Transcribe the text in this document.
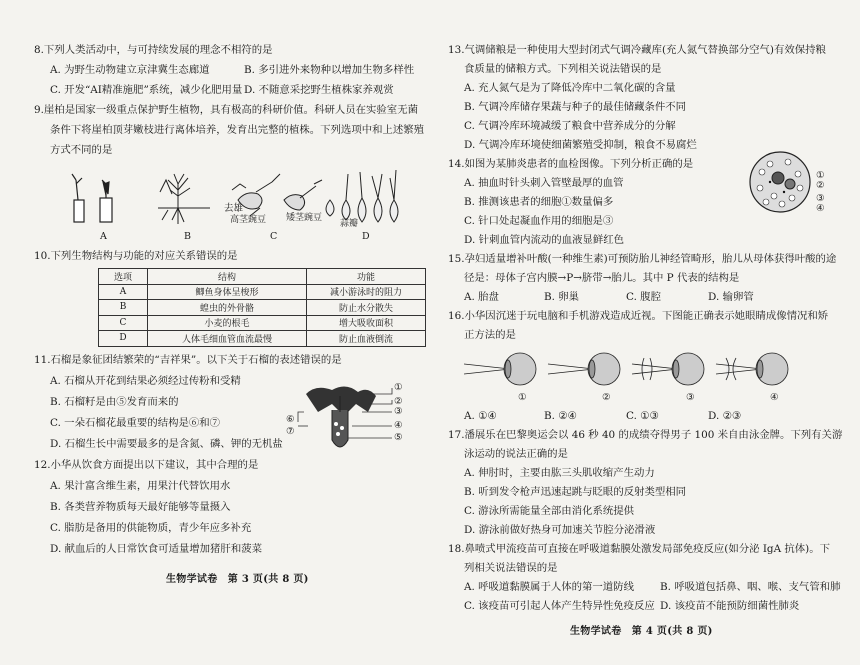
8.下列人类活动中，与可持续发展的理念不相符的是
A. 为野生动物建立京津冀生态廊道	B. 多引进外来物种以增加生物多样性
C. 开发“AI精准施肥”系统，减少化肥用量 D. 不随意采挖野生植株家养观赏
9.崖柏是国家一级重点保护野生植物，具有极高的科研价值。科研人员在实验室无菌
条件下将崖柏顶芽嫩枝进行离体培养，发育出完整的植株。下列选项中和上述繁殖
方式不同的是
去雄
高茎豌豆 矮茎豌豆
蒜瓣
A	B	C	D
10.下列生物结构与功能的对应关系错误的是
选项	结构	功能
A	鲫鱼身体呈梭形	减小游泳时的阻力
B	蝗虫的外骨骼	防止水分散失
C	小麦的根毛	增大吸收面积
D	人体毛细血管血流最慢	防止血液倒流
11.石榴是象征团结繁荣的“吉祥果”。以下关于石榴的表述错误的是
A. 石榴从开花到结果必须经过传粉和受精
B. 石榴籽是由⑤发育而来的
C. 一朵石榴花最重要的结构是⑥和⑦
D. 石榴生长中需要最多的是含氮、磷、钾的无机盐
①
②
③
④
⑤
⑥
⑦
12.小华从饮食方面提出以下建议，其中合理的是
A. 果汁富含维生素，用果汁代替饮用水
B. 各类营养物质每天最好能够等量摄入
C. 脂肪是备用的供能物质，青少年应多补充
D. 献血后的人日常饮食可适量增加猪肝和菠菜
生物学试卷　第 3 页(共 8 页)
13.气调储粮是一种使用大型封闭式气调冷藏库(充人氮气替换部分空气)有效保持粮
食质量的储粮方式。下列相关说法错误的是
A. 充人氮气是为了降低冷库中二氧化碳的含量
B. 气调冷库储存果蔬与种子的最佳储藏条件不同
C. 气调冷库环境减缓了粮食中营养成分的分解
D. 气调冷库环境使细菌繁殖受抑制，粮食不易腐烂
14.如图为某肺炎患者的血检图像。下列分析正确的是
A. 抽血时针头刺入管壁最厚的血管
B. 推测该患者的细胞①数量偏多
C. 针口处起凝血作用的细胞是③
D. 针刺血管内流动的血液显鲜红色
①
②
③
④
15.孕妇适量增补叶酸(一种维生素)可预防胎儿神经管畸形，胎儿从母体获得叶酸的途
径是：母体子宫内膜→P→脐带→胎儿。其中 P 代表的结构是
A. 胎盘	B. 卵巢	C. 腹腔	D. 输卵管
16.小华因沉迷于玩电脑和手机游戏造成近视。下图能正确表示她眼睛成像情况和矫
正方法的是
①	②	③	④
A. ①④	B. ②④	C. ①③	D. ②③
17.潘展乐在巴黎奥运会以 46 秒 40 的成绩夺得男子 100 米自由泳金牌。下列有关游
泳运动的说法正确的是
A. 伸肘时，主要由肱三头肌收缩产生动力
B. 听到发令枪声迅速起跳与眨眼的反射类型相同
C. 游泳所需能量全部由消化系统提供
D. 游泳前做好热身可加速关节腔分泌滑液
18.鼻喷式甲流疫苗可直接在呼吸道黏膜处激发局部免疫反应(如分泌 IgA 抗体)。下
列相关说法错误的是
A. 呼吸道黏膜属于人体的第一道防线	B. 呼吸道包括鼻、咽、喉、支气管和肺
C. 该疫苗可引起人体产生特异性免疫反应 D. 该疫苗不能预防细菌性肺炎
生物学试卷　第 4 页(共 8 页)
